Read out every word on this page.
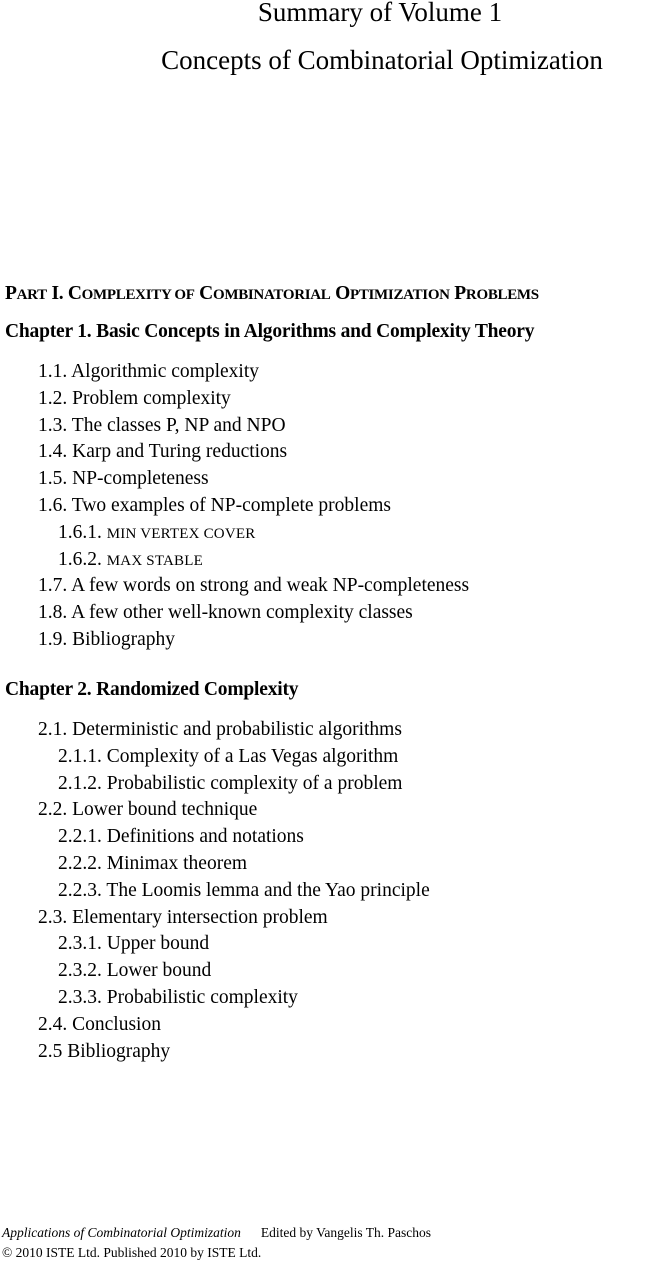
Summary of Volume 1
Concepts of Combinatorial Optimization
PART I. COMPLEXITY OF COMBINATORIAL OPTIMIZATION PROBLEMS
Chapter 1. Basic Concepts in Algorithms and Complexity Theory
1.1. Algorithmic complexity
1.2. Problem complexity
1.3. The classes P, NP and NPO
1.4. Karp and Turing reductions
1.5. NP-completeness
1.6. Two examples of NP-complete problems
1.6.1. MIN VERTEX COVER
1.6.2. MAX STABLE
1.7. A few words on strong and weak NP-completeness
1.8. A few other well-known complexity classes
1.9. Bibliography
Chapter 2. Randomized Complexity
2.1. Deterministic and probabilistic algorithms
2.1.1. Complexity of a Las Vegas algorithm
2.1.2. Probabilistic complexity of a problem
2.2. Lower bound technique
2.2.1. Definitions and notations
2.2.2. Minimax theorem
2.2.3. The Loomis lemma and the Yao principle
2.3. Elementary intersection problem
2.3.1. Upper bound
2.3.2. Lower bound
2.3.3. Probabilistic complexity
2.4. Conclusion
2.5 Bibliography
Applications of Combinatorial Optimization Edited by Vangelis Th. Paschos
© 2010 ISTE Ltd. Published 2010 by ISTE Ltd.
